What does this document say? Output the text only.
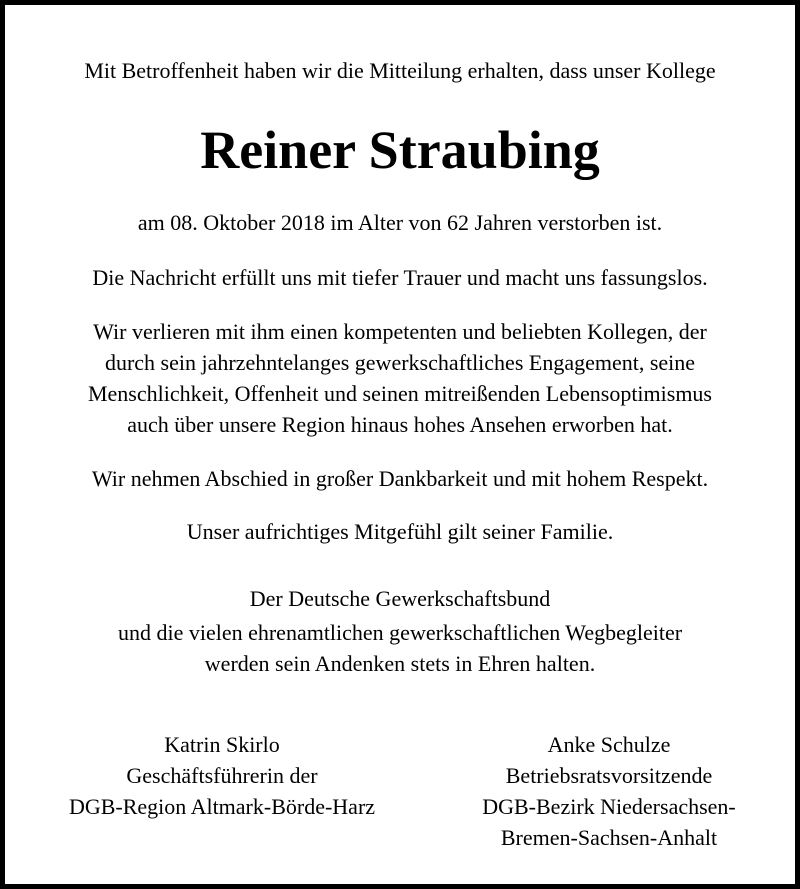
Mit Betroffenheit haben wir die Mitteilung erhalten, dass unser Kollege
Reiner Straubing
am 08. Oktober 2018 im Alter von 62 Jahren verstorben ist.
Die Nachricht erfüllt uns mit tiefer Trauer und macht uns fassungslos.
Wir verlieren mit ihm einen kompetenten und beliebten Kollegen, der
durch sein jahrzehntelanges gewerkschaftliches Engagement, seine
Menschlichkeit, Offenheit und seinen mitreißenden Lebensoptimismus
auch über unsere Region hinaus hohes Ansehen erworben hat.
Wir nehmen Abschied in großer Dankbarkeit und mit hohem Respekt.
Unser aufrichtiges Mitgefühl gilt seiner Familie.
Der Deutsche Gewerkschaftsbund
und die vielen ehrenamtlichen gewerkschaftlichen Wegbegleiter
werden sein Andenken stets in Ehren halten.
Katrin Skirlo
Geschäftsführerin der
DGB-Region Altmark-Börde-Harz
Anke Schulze
Betriebsratsvorsitzende
DGB-Bezirk Niedersachsen-
Bremen-Sachsen-Anhalt
